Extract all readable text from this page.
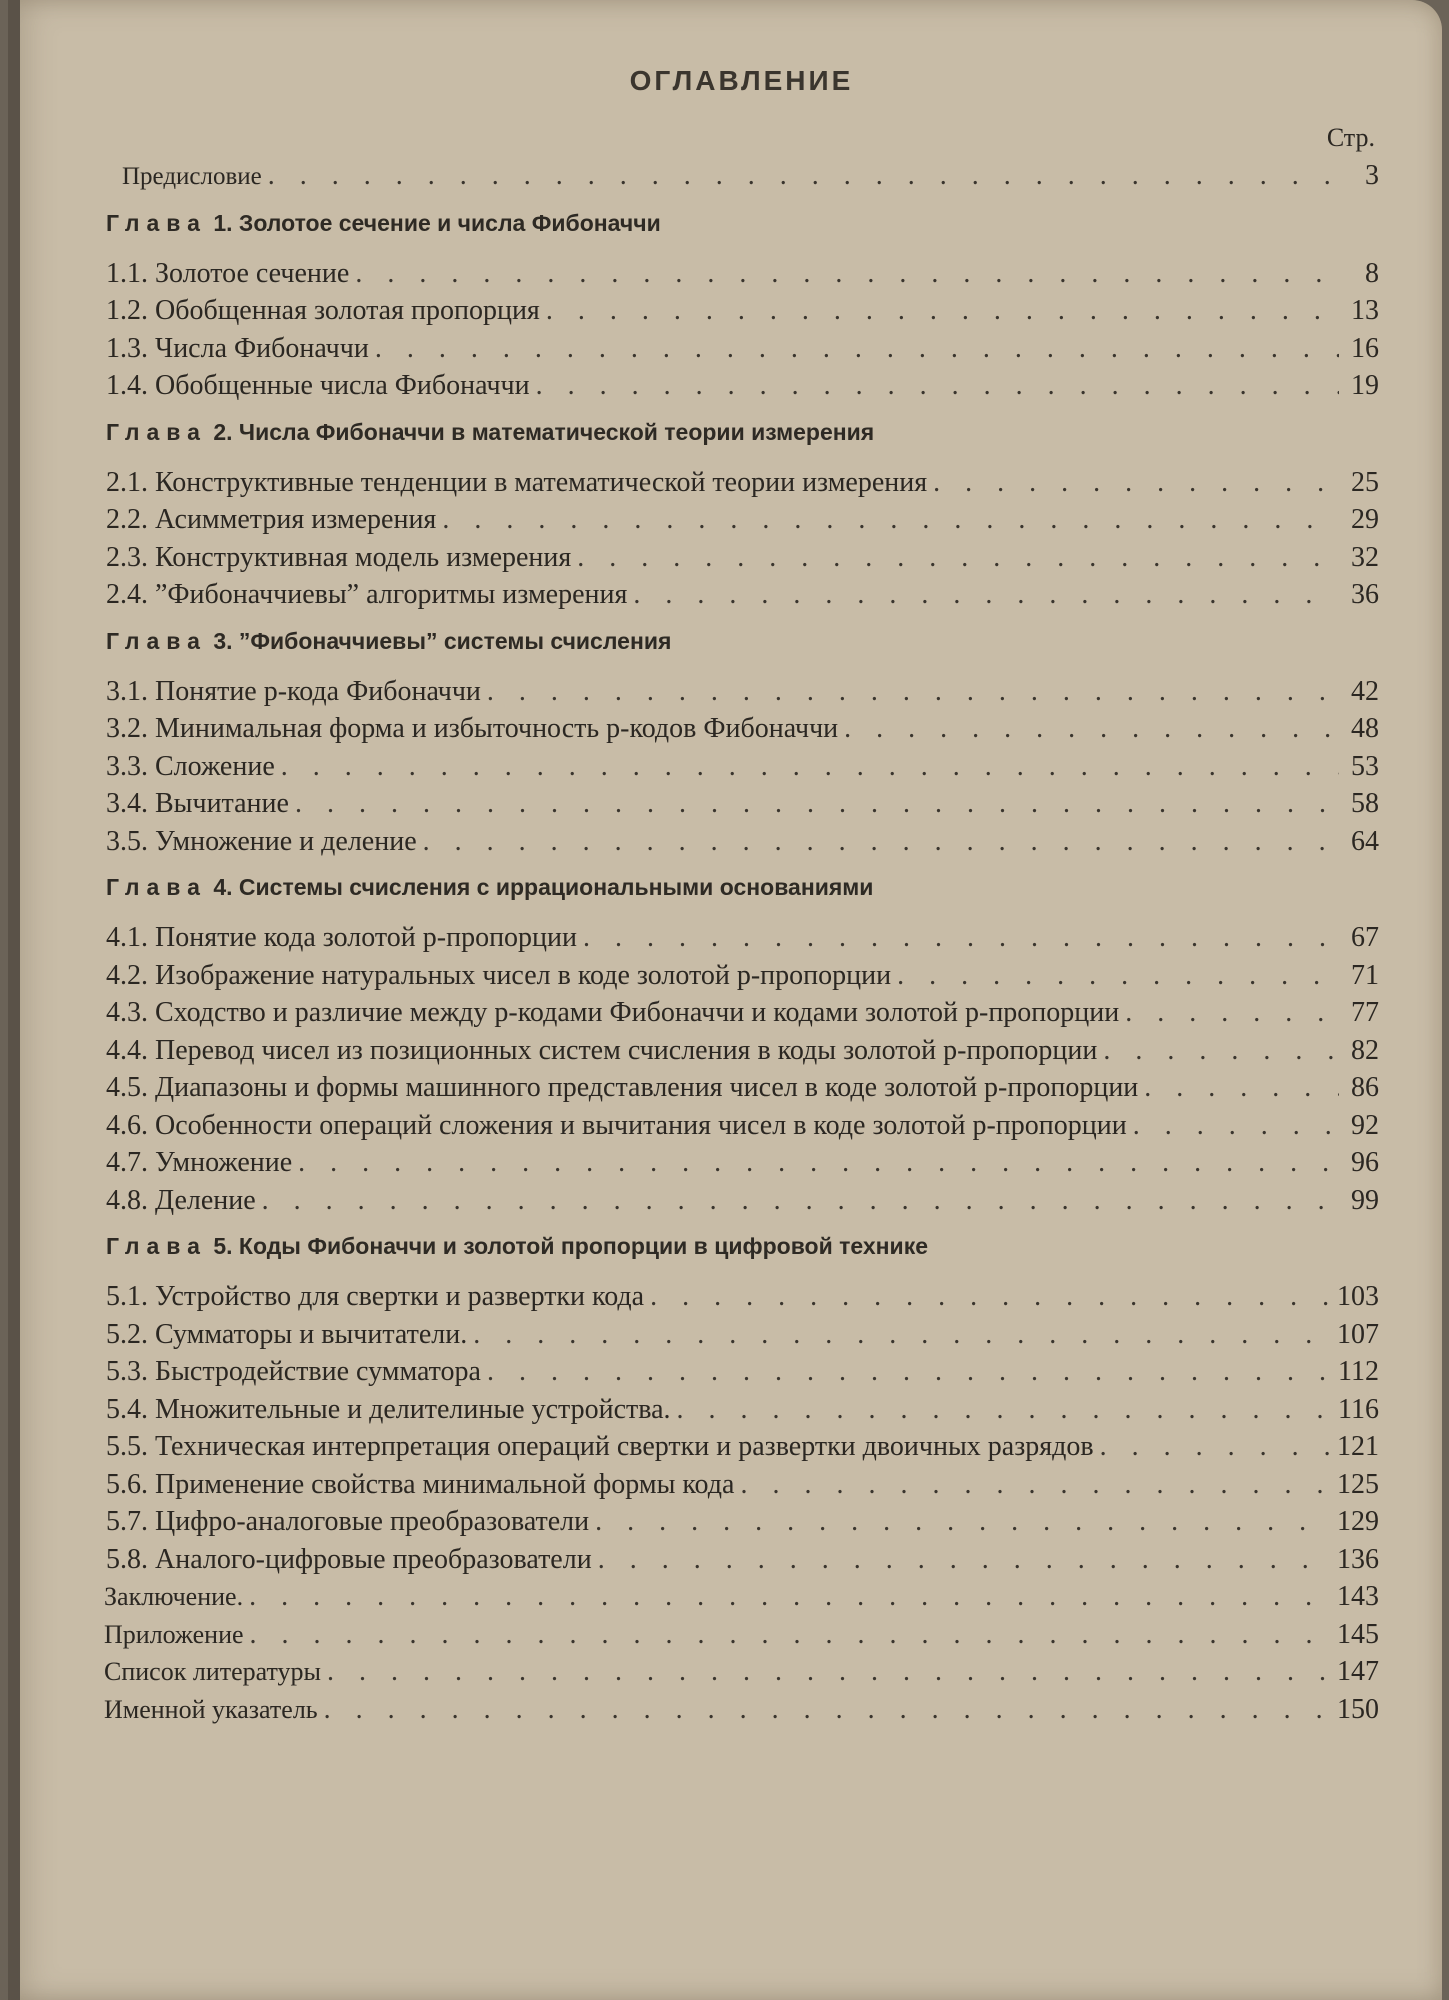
ОГЛАВЛЕНИЕ
Стр.
Предисловие . . .	3
Глава 1. Золотое сечение и числа Фибоначчи
1.1. Золотое сечение . . .	8
1.2. Обобщенная золотая пропорция . . .	13
1.3. Числа Фибоначчи . . .	16
1.4. Обобщенные числа Фибоначчи . . .	19
Глава 2. Числа Фибоначчи в математической теории измерения
2.1. Конструктивные тенденции в математической теории измерения . . .	25
2.2. Асимметрия измерения . . .	29
2.3. Конструктивная модель измерения . . .	32
2.4. ”Фибоначчиевы” алгоритмы измерения . . .	36
Глава 3. ”Фибоначчиевы” системы счисления
3.1. Понятие p-кода Фибоначчи . . .	42
3.2. Минимальная форма и избыточность p-кодов Фибоначчи . . .	48
3.3. Сложение . . .	53
3.4. Вычитание . . .	58
3.5. Умножение и деление . . .	64
Глава 4. Системы счисления с иррациональными основаниями
4.1. Понятие кода золотой p-пропорции . . .	67
4.2. Изображение натуральных чисел в коде золотой p-пропорции . . .	71
4.3. Сходство и различие между p-кодами Фибоначчи и кодами золотой p-пропорции . . .	77
4.4. Перевод чисел из позиционных систем счисления в коды золотой p-пропорции . . .	82
4.5. Диапазоны и формы машинного представления чисел в коде золотой p-пропорции . . .	86
4.6. Особенности операций сложения и вычитания чисел в коде золотой p-пропорции . . .	92
4.7. Умножение . . .	96
4.8. Деление . . .	99
Глава 5. Коды Фибоначчи и золотой пропорции в цифровой технике
5.1. Устройство для свертки и развертки кода . . .	103
5.2. Сумматоры и вычитатели. . . .	107
5.3. Быстродействие сумматора . . .	112
5.4. Множительные и делителиные устройства. . . .	116
5.5. Техническая интерпретация операций свертки и развертки двоичных разрядов . . .	121
5.6. Применение свойства минимальной формы кода . . .	125
5.7. Цифро-аналоговые преобразователи . . .	129
5.8. Аналого-цифровые преобразователи . . .	136
Заключение. . . .	143
Приложение . . .	145
Список литературы . . .	147
Именной указатель . . .	150
